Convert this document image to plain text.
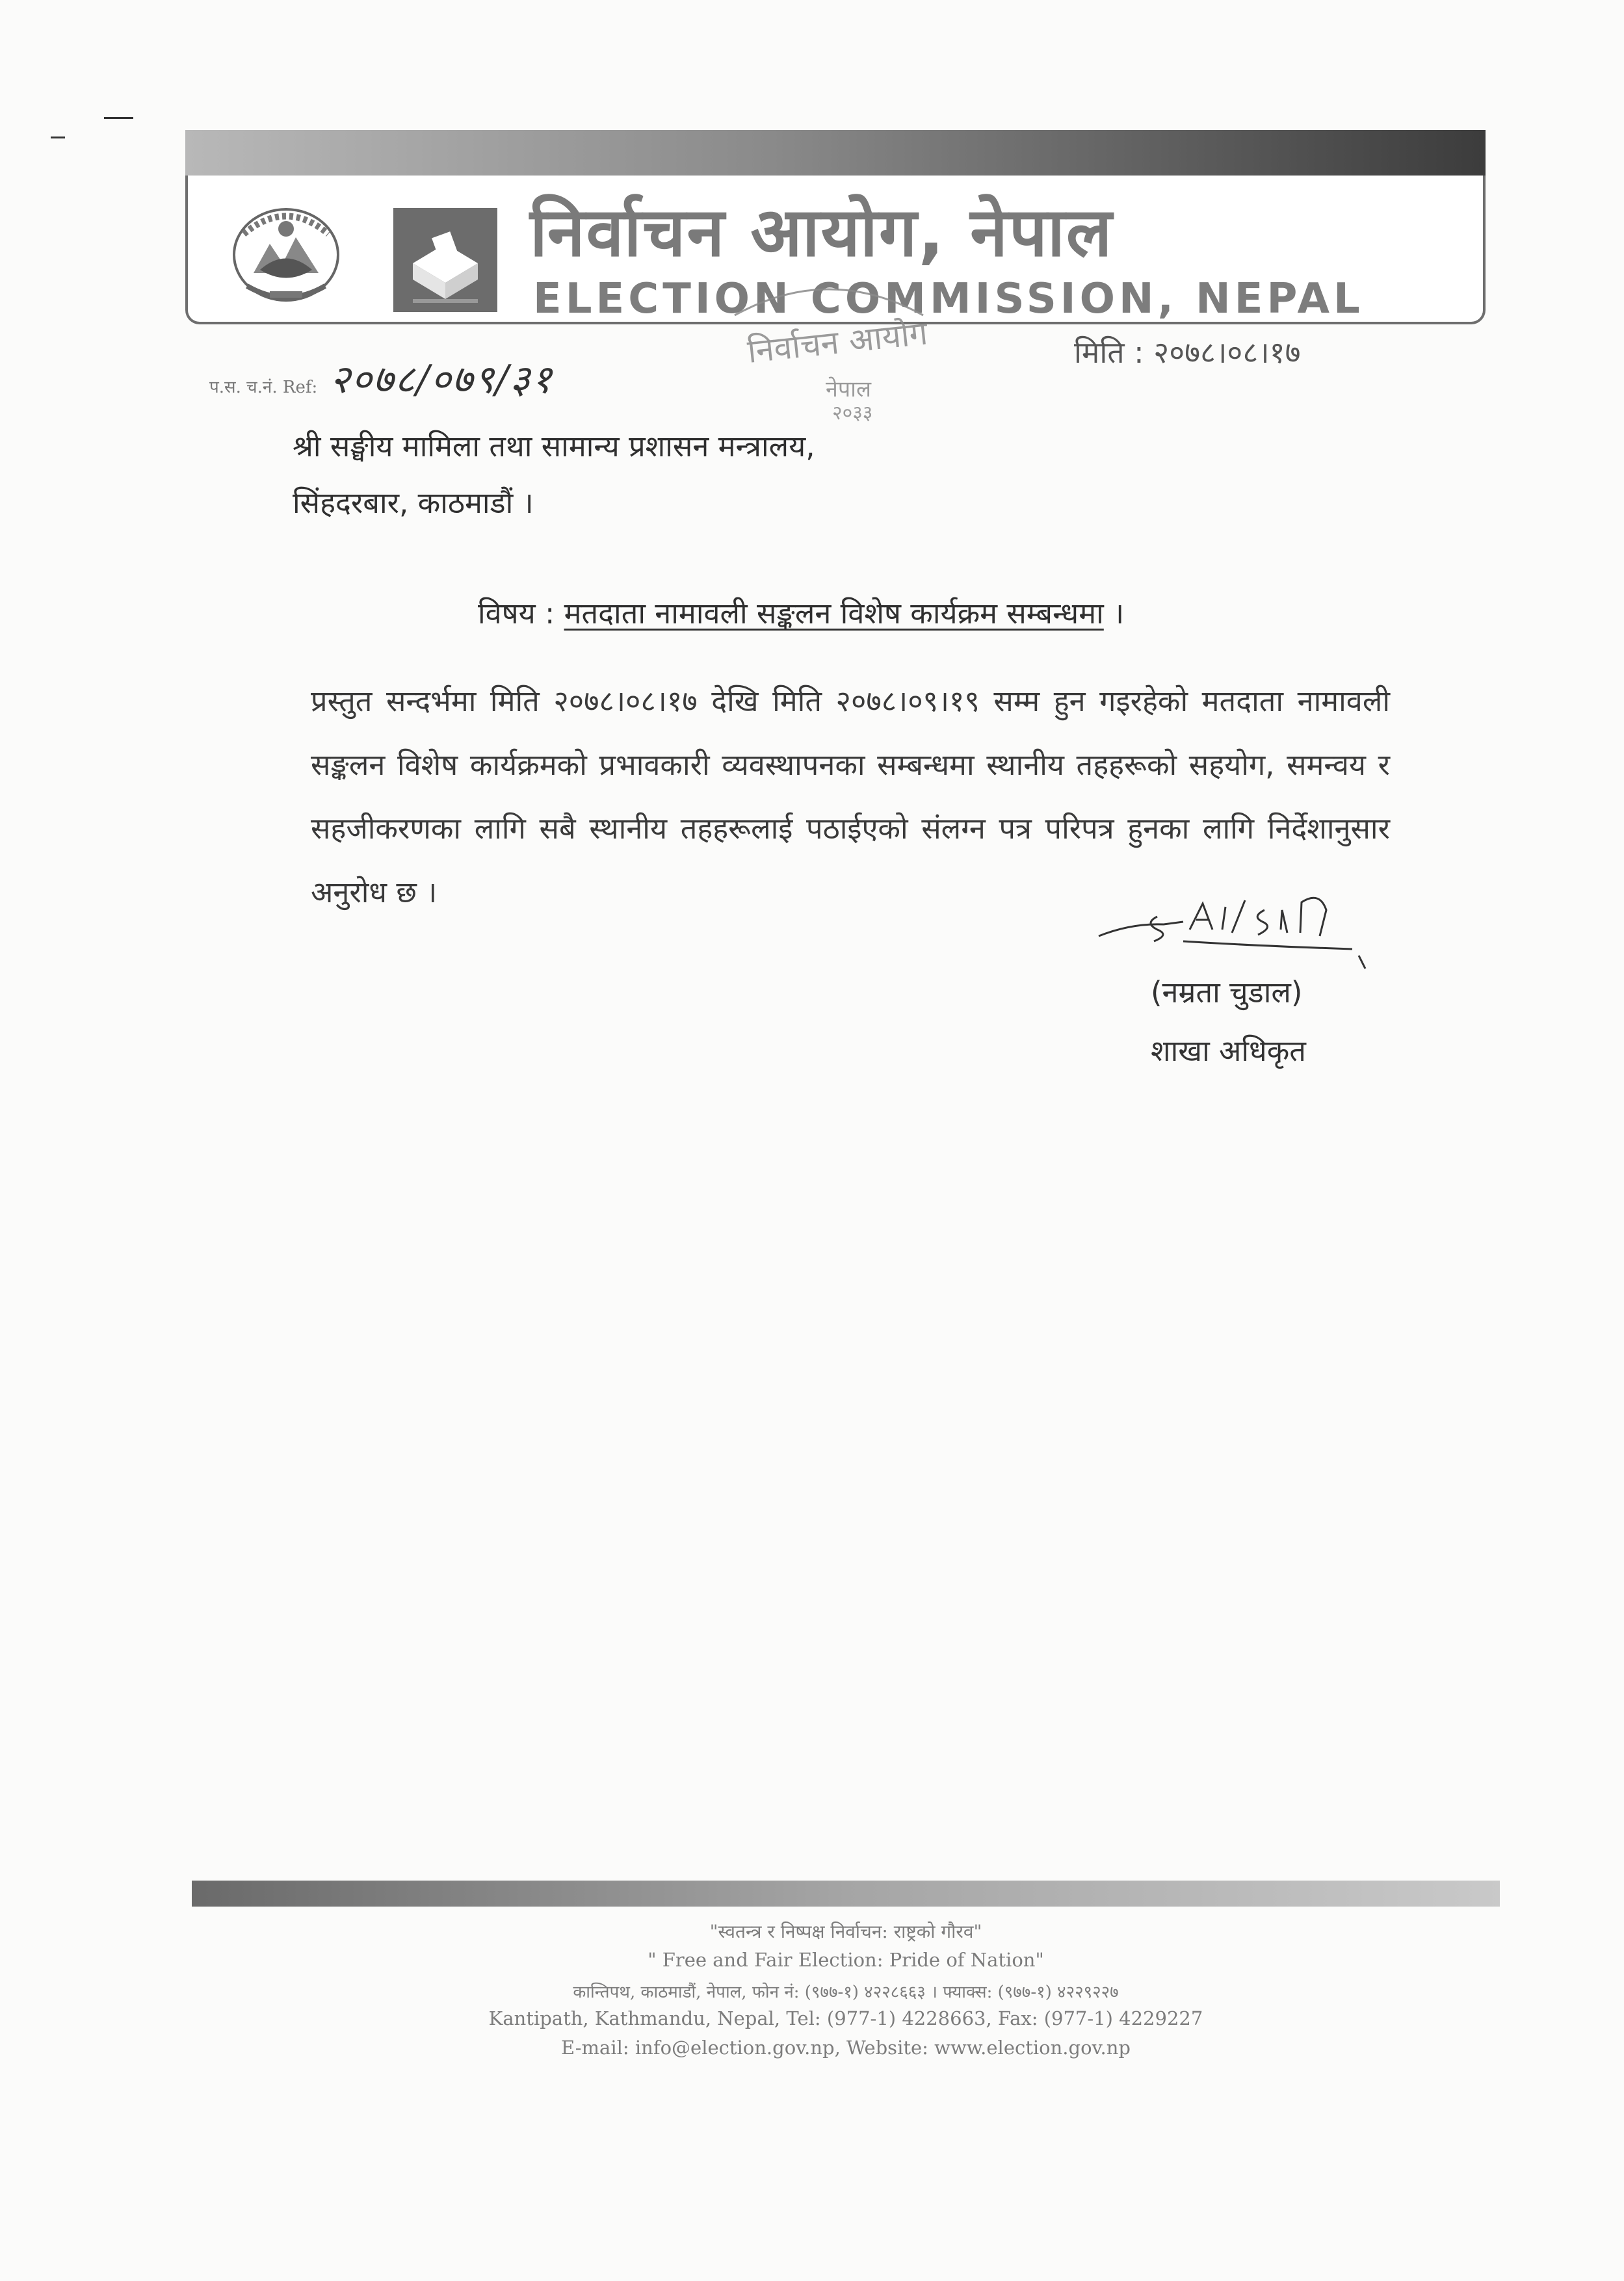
निर्वाचन आयोग, नेपाल
ELECTION COMMISSION, NEPAL
निर्वाचन आयोग
नेपाल
२०३३
प.स. च.नं. Ref: २०७८/०७९/३१
मिति : २०७८।०८।१७
श्री सङ्घीय मामिला तथा सामान्य प्रशासन मन्त्रालय,
सिंहदरबार, काठमाडौं ।
विषय : मतदाता नामावली सङ्कलन विशेष कार्यक्रम सम्बन्धमा ।
प्रस्तुत सन्दर्भमा मिति २०७८।०८।१७ देखि मिति २०७८।०९।१९ सम्म हुन गइरहेको मतदाता नामावली सङ्कलन विशेष कार्यक्रमको प्रभावकारी व्यवस्थापनका सम्बन्धमा स्थानीय तहहरूको सहयोग, समन्वय र सहजीकरणका लागि सबै स्थानीय तहहरूलाई पठाईएको संलग्न पत्र परिपत्र हुनका लागि निर्देशानुसार अनुरोध छ ।
(नम्रता चुडाल)
शाखा अधिकृत
"स्वतन्त्र र निष्पक्ष निर्वाचन: राष्ट्रको गौरव"
" Free and Fair Election: Pride of Nation"
कान्तिपथ, काठमाडौं, नेपाल, फोन नं: (९७७-१) ४२२८६६३ । फ्याक्स: (९७७-१) ४२२९२२७
Kantipath, Kathmandu, Nepal, Tel: (977-1) 4228663, Fax: (977-1) 4229227
E-mail: info@election.gov.np, Website: www.election.gov.np
